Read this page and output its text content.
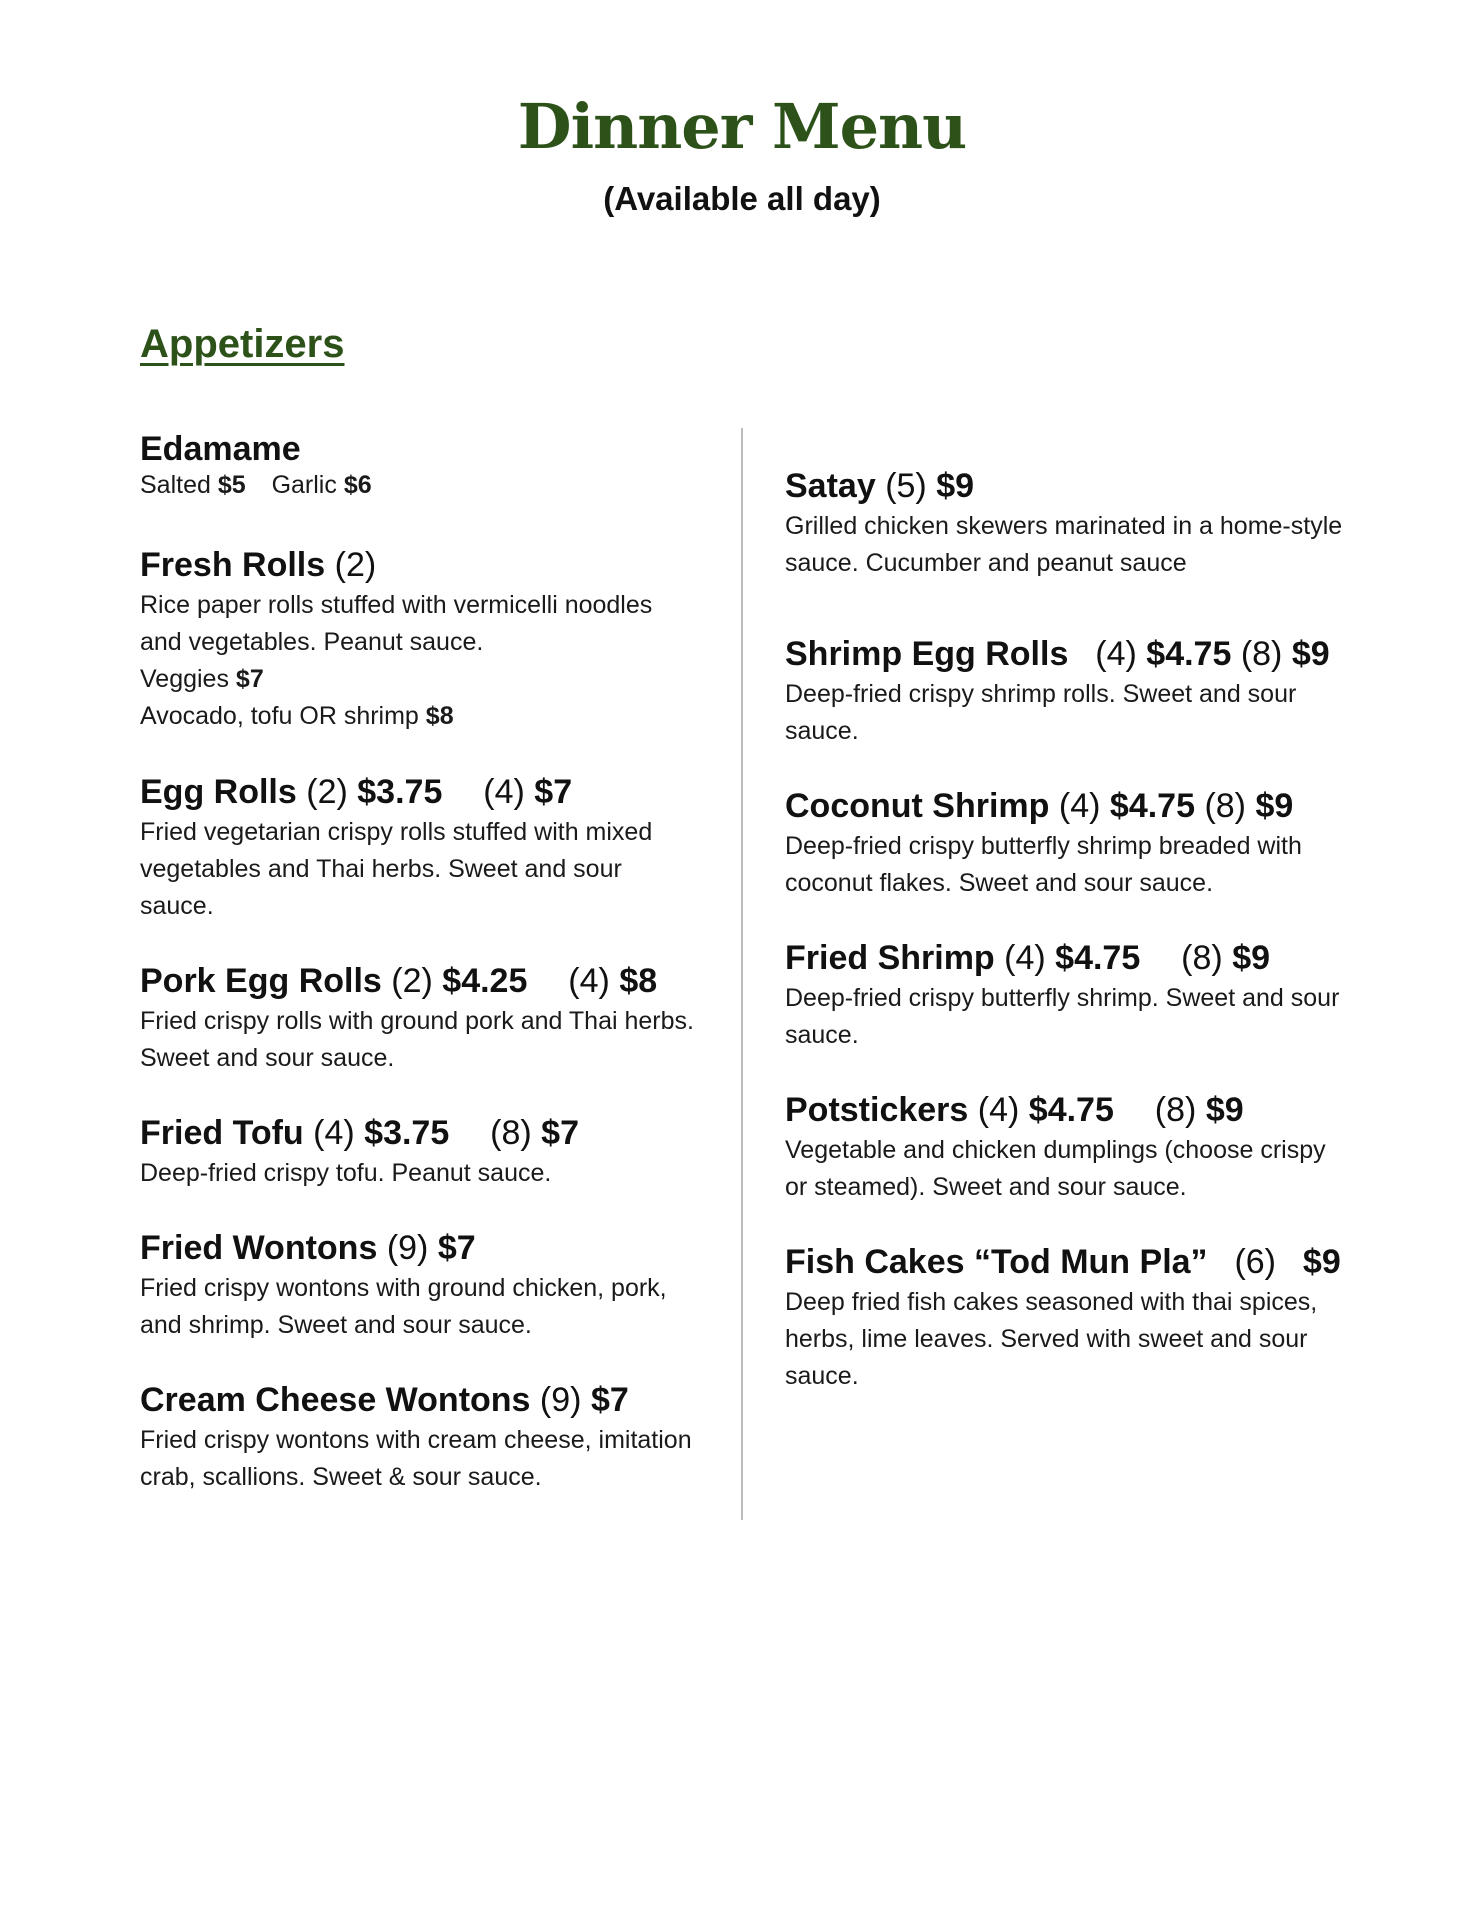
Dinner Menu
(Available all day)
Appetizers
Edamame
Salted $5 Garlic $6
Fresh Rolls (2)
Rice paper rolls stuffed with vermicelli noodles and vegetables. Peanut sauce.
Veggies $7
Avocado, tofu OR shrimp $8
Egg Rolls (2) $3.75 (4) $7
Fried vegetarian crispy rolls stuffed with mixed vegetables and Thai herbs. Sweet and sour sauce.
Pork Egg Rolls (2) $4.25 (4) $8
Fried crispy rolls with ground pork and Thai herbs. Sweet and sour sauce.
Fried Tofu (4) $3.75 (8) $7
Deep-fried crispy tofu. Peanut sauce.
Fried Wontons (9) $7
Fried crispy wontons with ground chicken, pork, and shrimp. Sweet and sour sauce.
Cream Cheese Wontons (9) $7
Fried crispy wontons with cream cheese, imitation crab, scallions. Sweet & sour sauce.
Satay (5) $9
Grilled chicken skewers marinated in a home-style sauce. Cucumber and peanut sauce
Shrimp Egg Rolls (4) $4.75 (8) $9
Deep-fried crispy shrimp rolls. Sweet and sour sauce.
Coconut Shrimp (4) $4.75 (8) $9
Deep-fried crispy butterfly shrimp breaded with coconut flakes. Sweet and sour sauce.
Fried Shrimp (4) $4.75 (8) $9
Deep-fried crispy butterfly shrimp. Sweet and sour sauce.
Potstickers (4) $4.75 (8) $9
Vegetable and chicken dumplings (choose crispy or steamed). Sweet and sour sauce.
Fish Cakes “Tod Mun Pla” (6) $9
Deep fried fish cakes seasoned with thai spices, herbs, lime leaves. Served with sweet and sour sauce.
